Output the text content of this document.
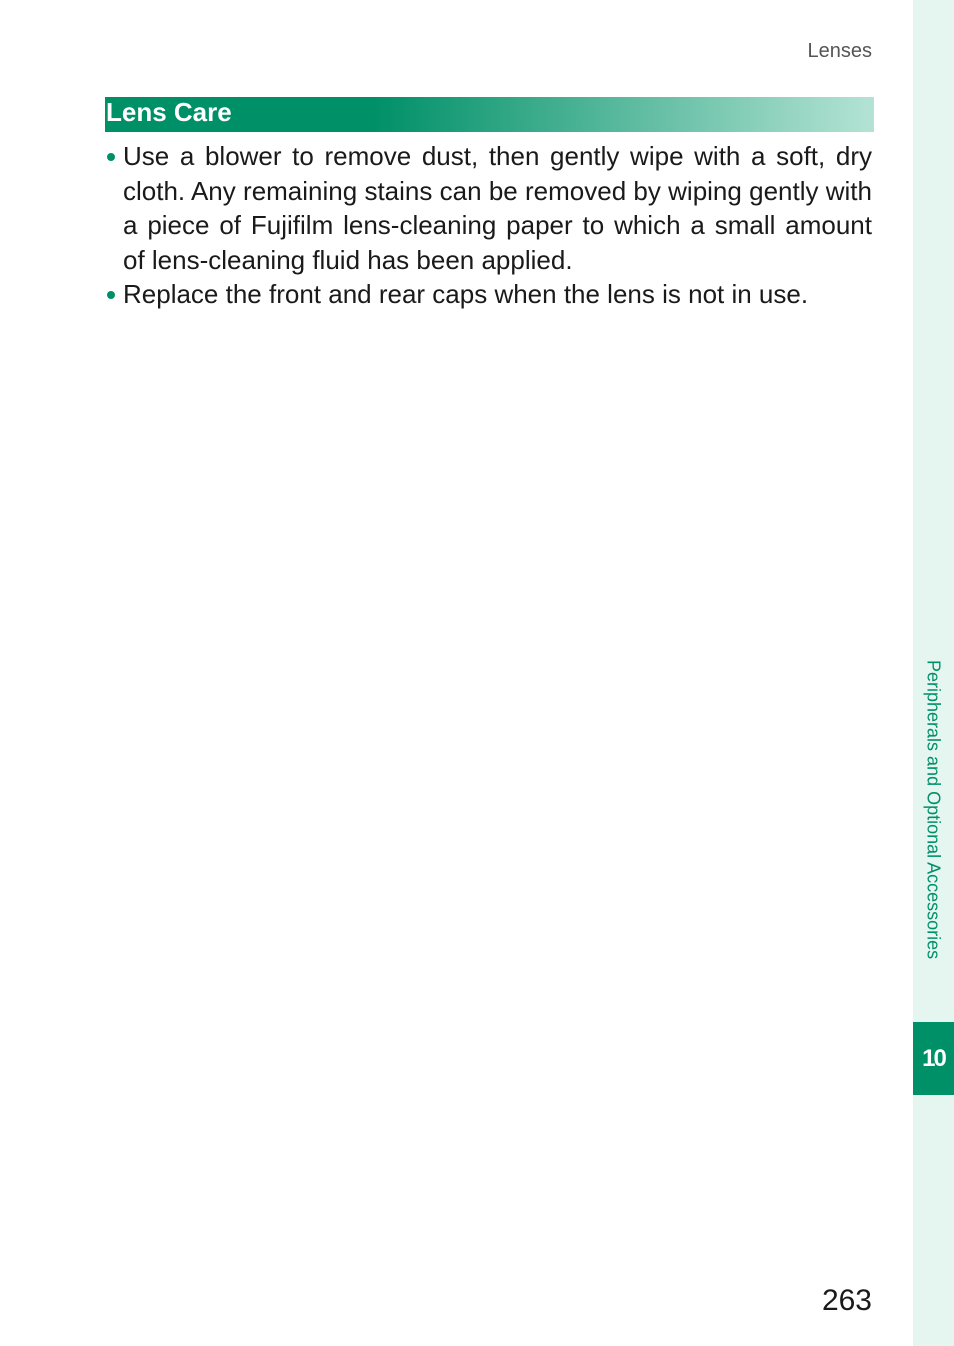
Lenses
Lens Care
Use a blower to remove dust, then gently wipe with a soft, dry cloth. Any remaining stains can be removed by wiping gently with a piece of Fujifilm lens-cleaning paper to which a small amount of lens-cleaning fluid has been applied.
Replace the front and rear caps when the lens is not in use.
Peripherals and Optional Accessories
10
263
